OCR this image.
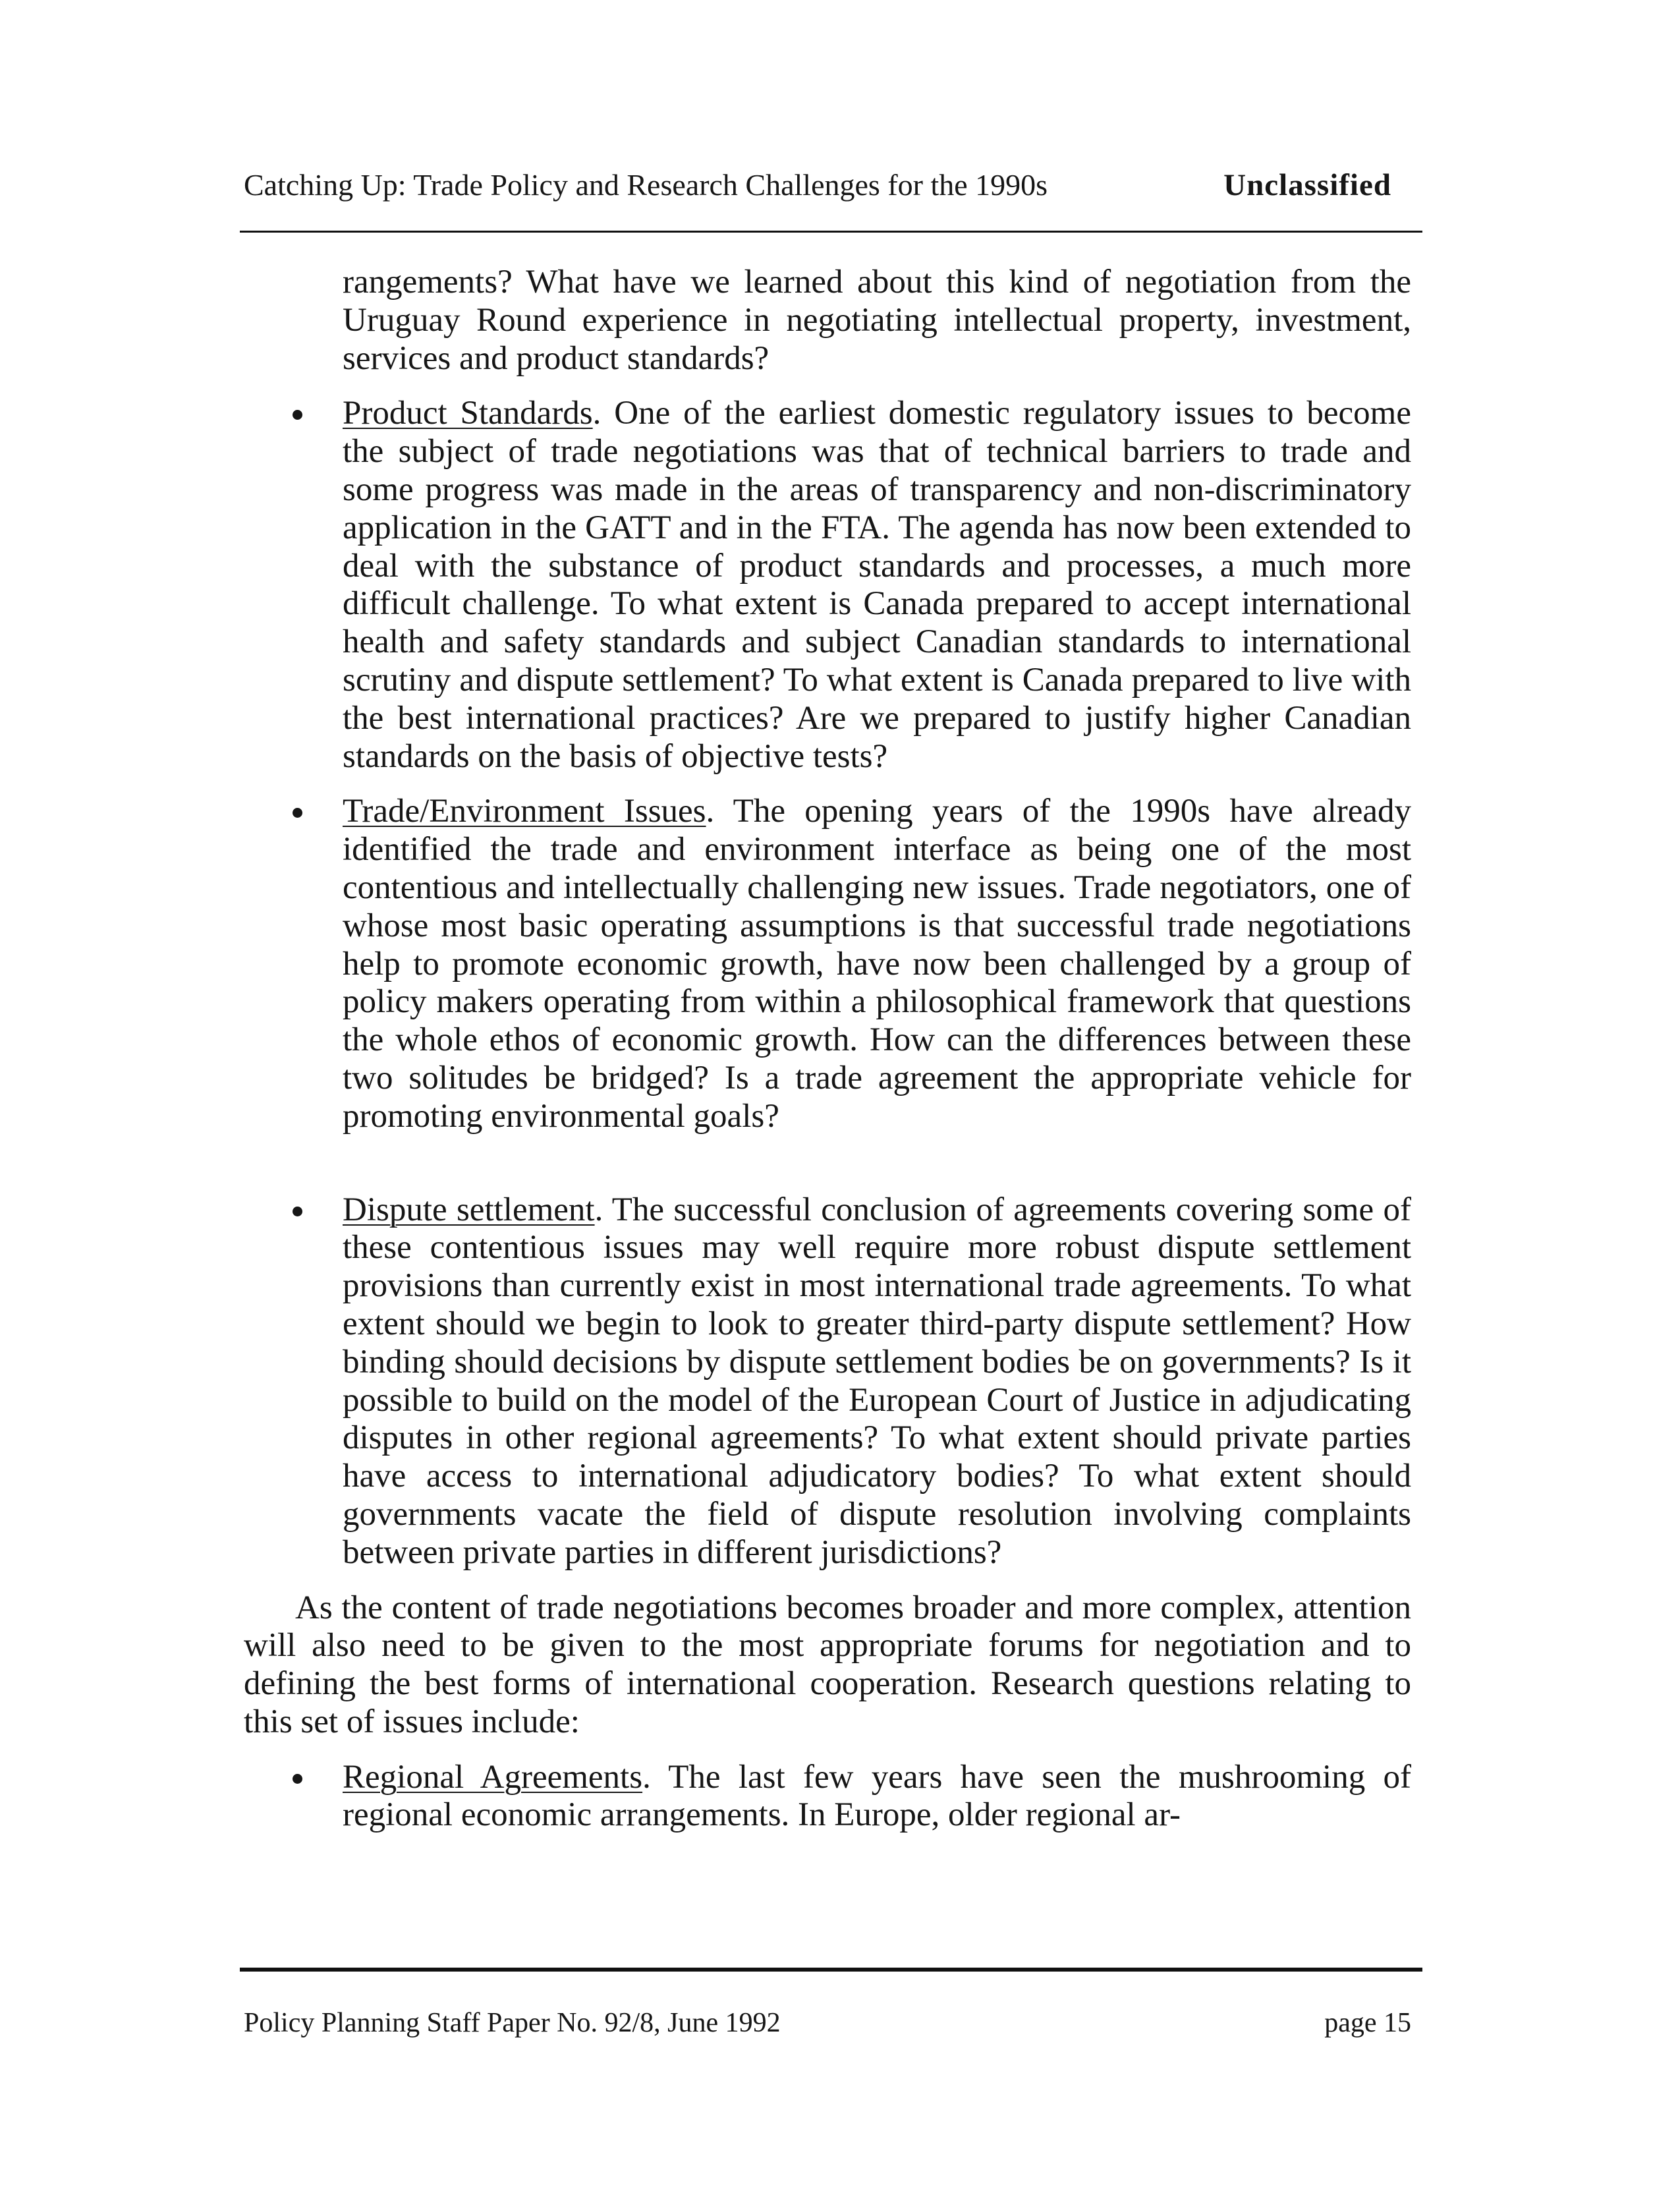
Catching Up: Trade Policy and Research Challenges for the 1990s	Unclassified
rangements? What have we learned about this kind of negotiation from the Uruguay Round experience in negotiating intellectual property, investment, services and product standards?
Product Standards. One of the earliest domestic regulatory issues to become the subject of trade negotiations was that of technical barriers to trade and some progress was made in the areas of transparency and non-discriminatory application in the GATT and in the FTA. The agenda has now been extended to deal with the substance of product standards and processes, a much more difficult challenge. To what extent is Canada prepared to accept international health and safety standards and subject Canadian standards to international scrutiny and dispute settlement? To what extent is Canada prepared to live with the best international practices? Are we prepared to justify higher Canadian standards on the basis of objective tests?
Trade/Environment Issues. The opening years of the 1990s have already identified the trade and environment interface as being one of the most contentious and intellectually challenging new issues. Trade negotiators, one of whose most basic operating assumptions is that successful trade negotiations help to promote economic growth, have now been challenged by a group of policy makers operating from within a philosophical framework that questions the whole ethos of economic growth. How can the differences between these two solitudes be bridged? Is a trade agreement the appropriate vehicle for promoting environmental goals?
Dispute settlement. The successful conclusion of agreements covering some of these contentious issues may well require more robust dispute settlement provisions than currently exist in most international trade agreements. To what extent should we begin to look to greater third-party dispute settlement? How binding should decisions by dispute settlement bodies be on governments? Is it possible to build on the model of the European Court of Justice in adjudicating disputes in other regional agreements? To what extent should private parties have access to international adjudicatory bodies? To what extent should governments vacate the field of dispute resolution involving complaints between private parties in different jurisdictions?
As the content of trade negotiations becomes broader and more complex, attention will also need to be given to the most appropriate forums for negotiation and to defining the best forms of international cooperation. Research questions relating to this set of issues include:
Regional Agreements. The last few years have seen the mushrooming of regional economic arrangements. In Europe, older regional ar-
Policy Planning Staff Paper No. 92/8, June 1992	page 15
